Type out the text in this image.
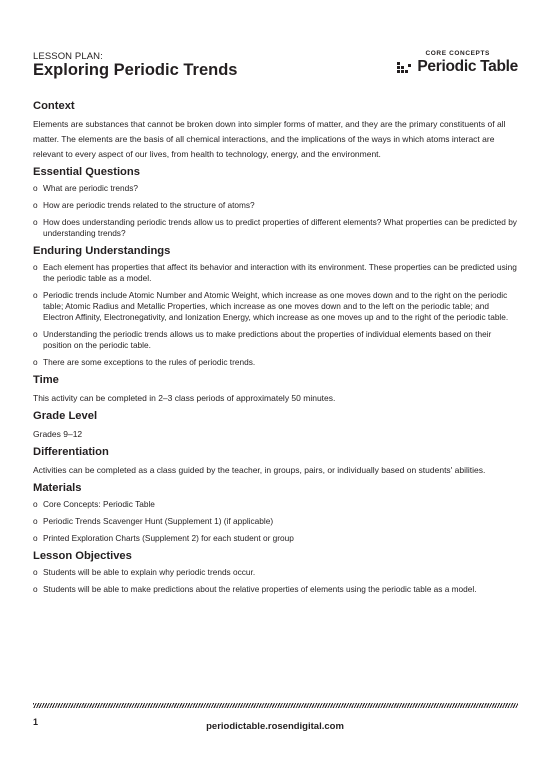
LESSON PLAN:
Exploring Periodic Trends
CORE CONCEPTS
Periodic Table
Context

Elements are substances that cannot be broken down into simpler forms of matter, and they are the primary constituents of all matter. The elements are the basis of all chemical interactions, and the implications of the ways in which atoms interact are relevant to every aspect of our lives, from health to technology, energy, and the environment.

Essential Questions
o What are periodic trends?
o How are periodic trends related to the structure of atoms?
o How does understanding periodic trends allow us to predict properties of different elements? What properties can be predicted by understanding trends?
Enduring Understandings
o Each element has properties that affect its behavior and interaction with its environment. These properties can be predicted using the periodic table as a model.
o Periodic trends include Atomic Number and Atomic Weight, which increase as one moves down and to the right on the periodic table; Atomic Radius and Metallic Properties, which increase as one moves down and to the left on the periodic table; and Electron Affinity, Electronegativity, and Ionization Energy, which increase as one moves up and to the right of the periodic table.
o Understanding the periodic trends allows us to make predictions about the properties of individual elements based on their position on the periodic table.
o There are some exceptions to the rules of periodic trends.
Time

This activity can be completed in 2–3 class periods of approximately 50 minutes.

Grade Level

Grades 9–12

Differentiation

Activities can be completed as a class guided by the teacher, in groups, pairs, or individually based on students' abilities.

Materials
o Core Concepts: Periodic Table
o Periodic Trends Scavenger Hunt (Supplement 1) (if applicable)
o Printed Exploration Charts (Supplement 2) for each student or group
Lesson Objectives
o Students will be able to explain why periodic trends occur.
o Students will be able to make predictions about the relative properties of elements using the periodic table as a model.
1	periodictable.rosendigital.com
